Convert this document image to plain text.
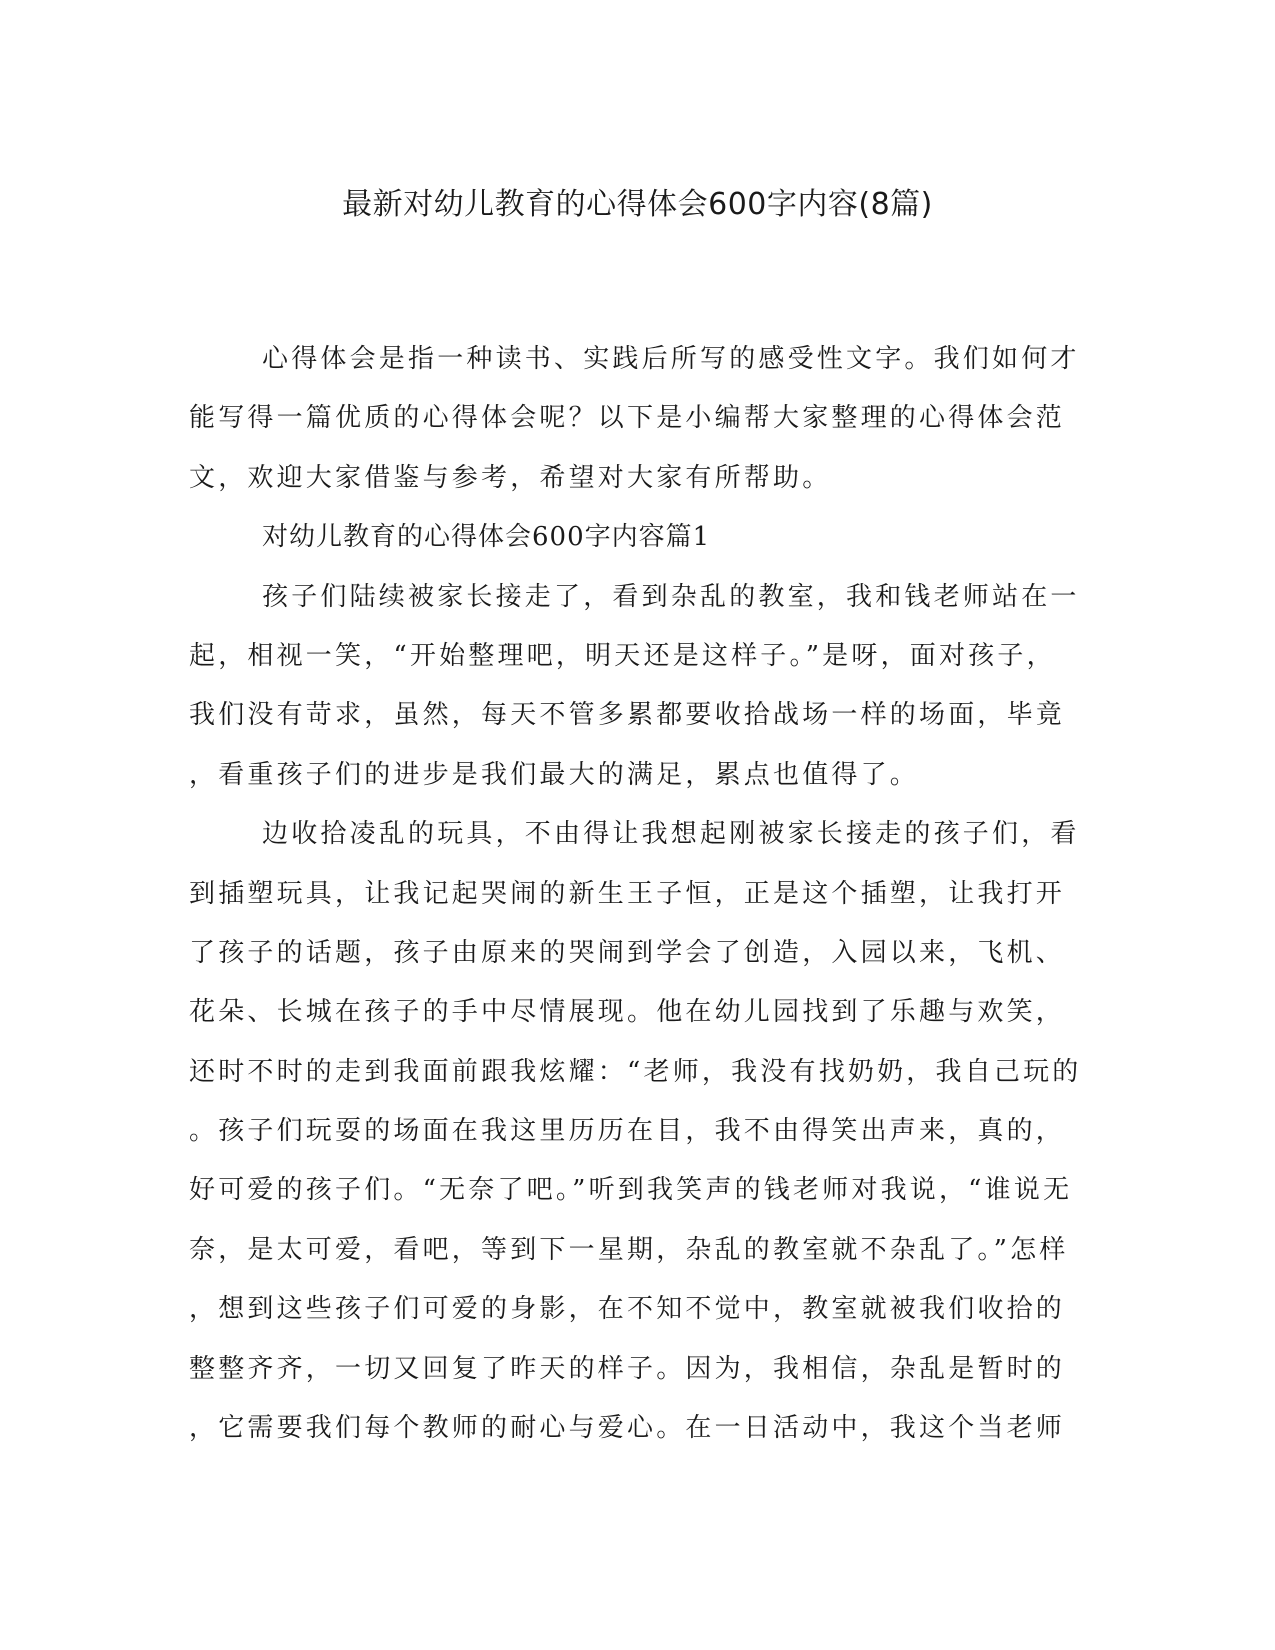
最新对幼儿教育的心得体会600字内容(8篇)
心得体会是指一种读书、实践后所写的感受性文字。我们如何才
能写得一篇优质的心得体会呢？以下是小编帮大家整理的心得体会范
文，欢迎大家借鉴与参考，希望对大家有所帮助。
对幼儿教育的心得体会600字内容篇1
孩子们陆续被家长接走了，看到杂乱的教室，我和钱老师站在一
起，相视一笑，“开始整理吧，明天还是这样子。”是呀，面对孩子，
我们没有苛求，虽然，每天不管多累都要收拾战场一样的场面，毕竟
，看重孩子们的进步是我们最大的满足，累点也值得了。
边收拾凌乱的玩具，不由得让我想起刚被家长接走的孩子们，看
到插塑玩具，让我记起哭闹的新生王子恒，正是这个插塑，让我打开
了孩子的话题，孩子由原来的哭闹到学会了创造，入园以来，飞机、
花朵、长城在孩子的手中尽情展现。他在幼儿园找到了乐趣与欢笑，
还时不时的走到我面前跟我炫耀：“老师，我没有找奶奶，我自己玩的
。孩子们玩耍的场面在我这里历历在目，我不由得笑出声来，真的，
好可爱的孩子们。“无奈了吧。”听到我笑声的钱老师对我说，“谁说无
奈，是太可爱，看吧，等到下一星期，杂乱的教室就不杂乱了。”怎样
，想到这些孩子们可爱的身影，在不知不觉中，教室就被我们收拾的
整整齐齐，一切又回复了昨天的样子。因为，我相信，杂乱是暂时的
，它需要我们每个教师的耐心与爱心。在一日活动中，我这个当老师
